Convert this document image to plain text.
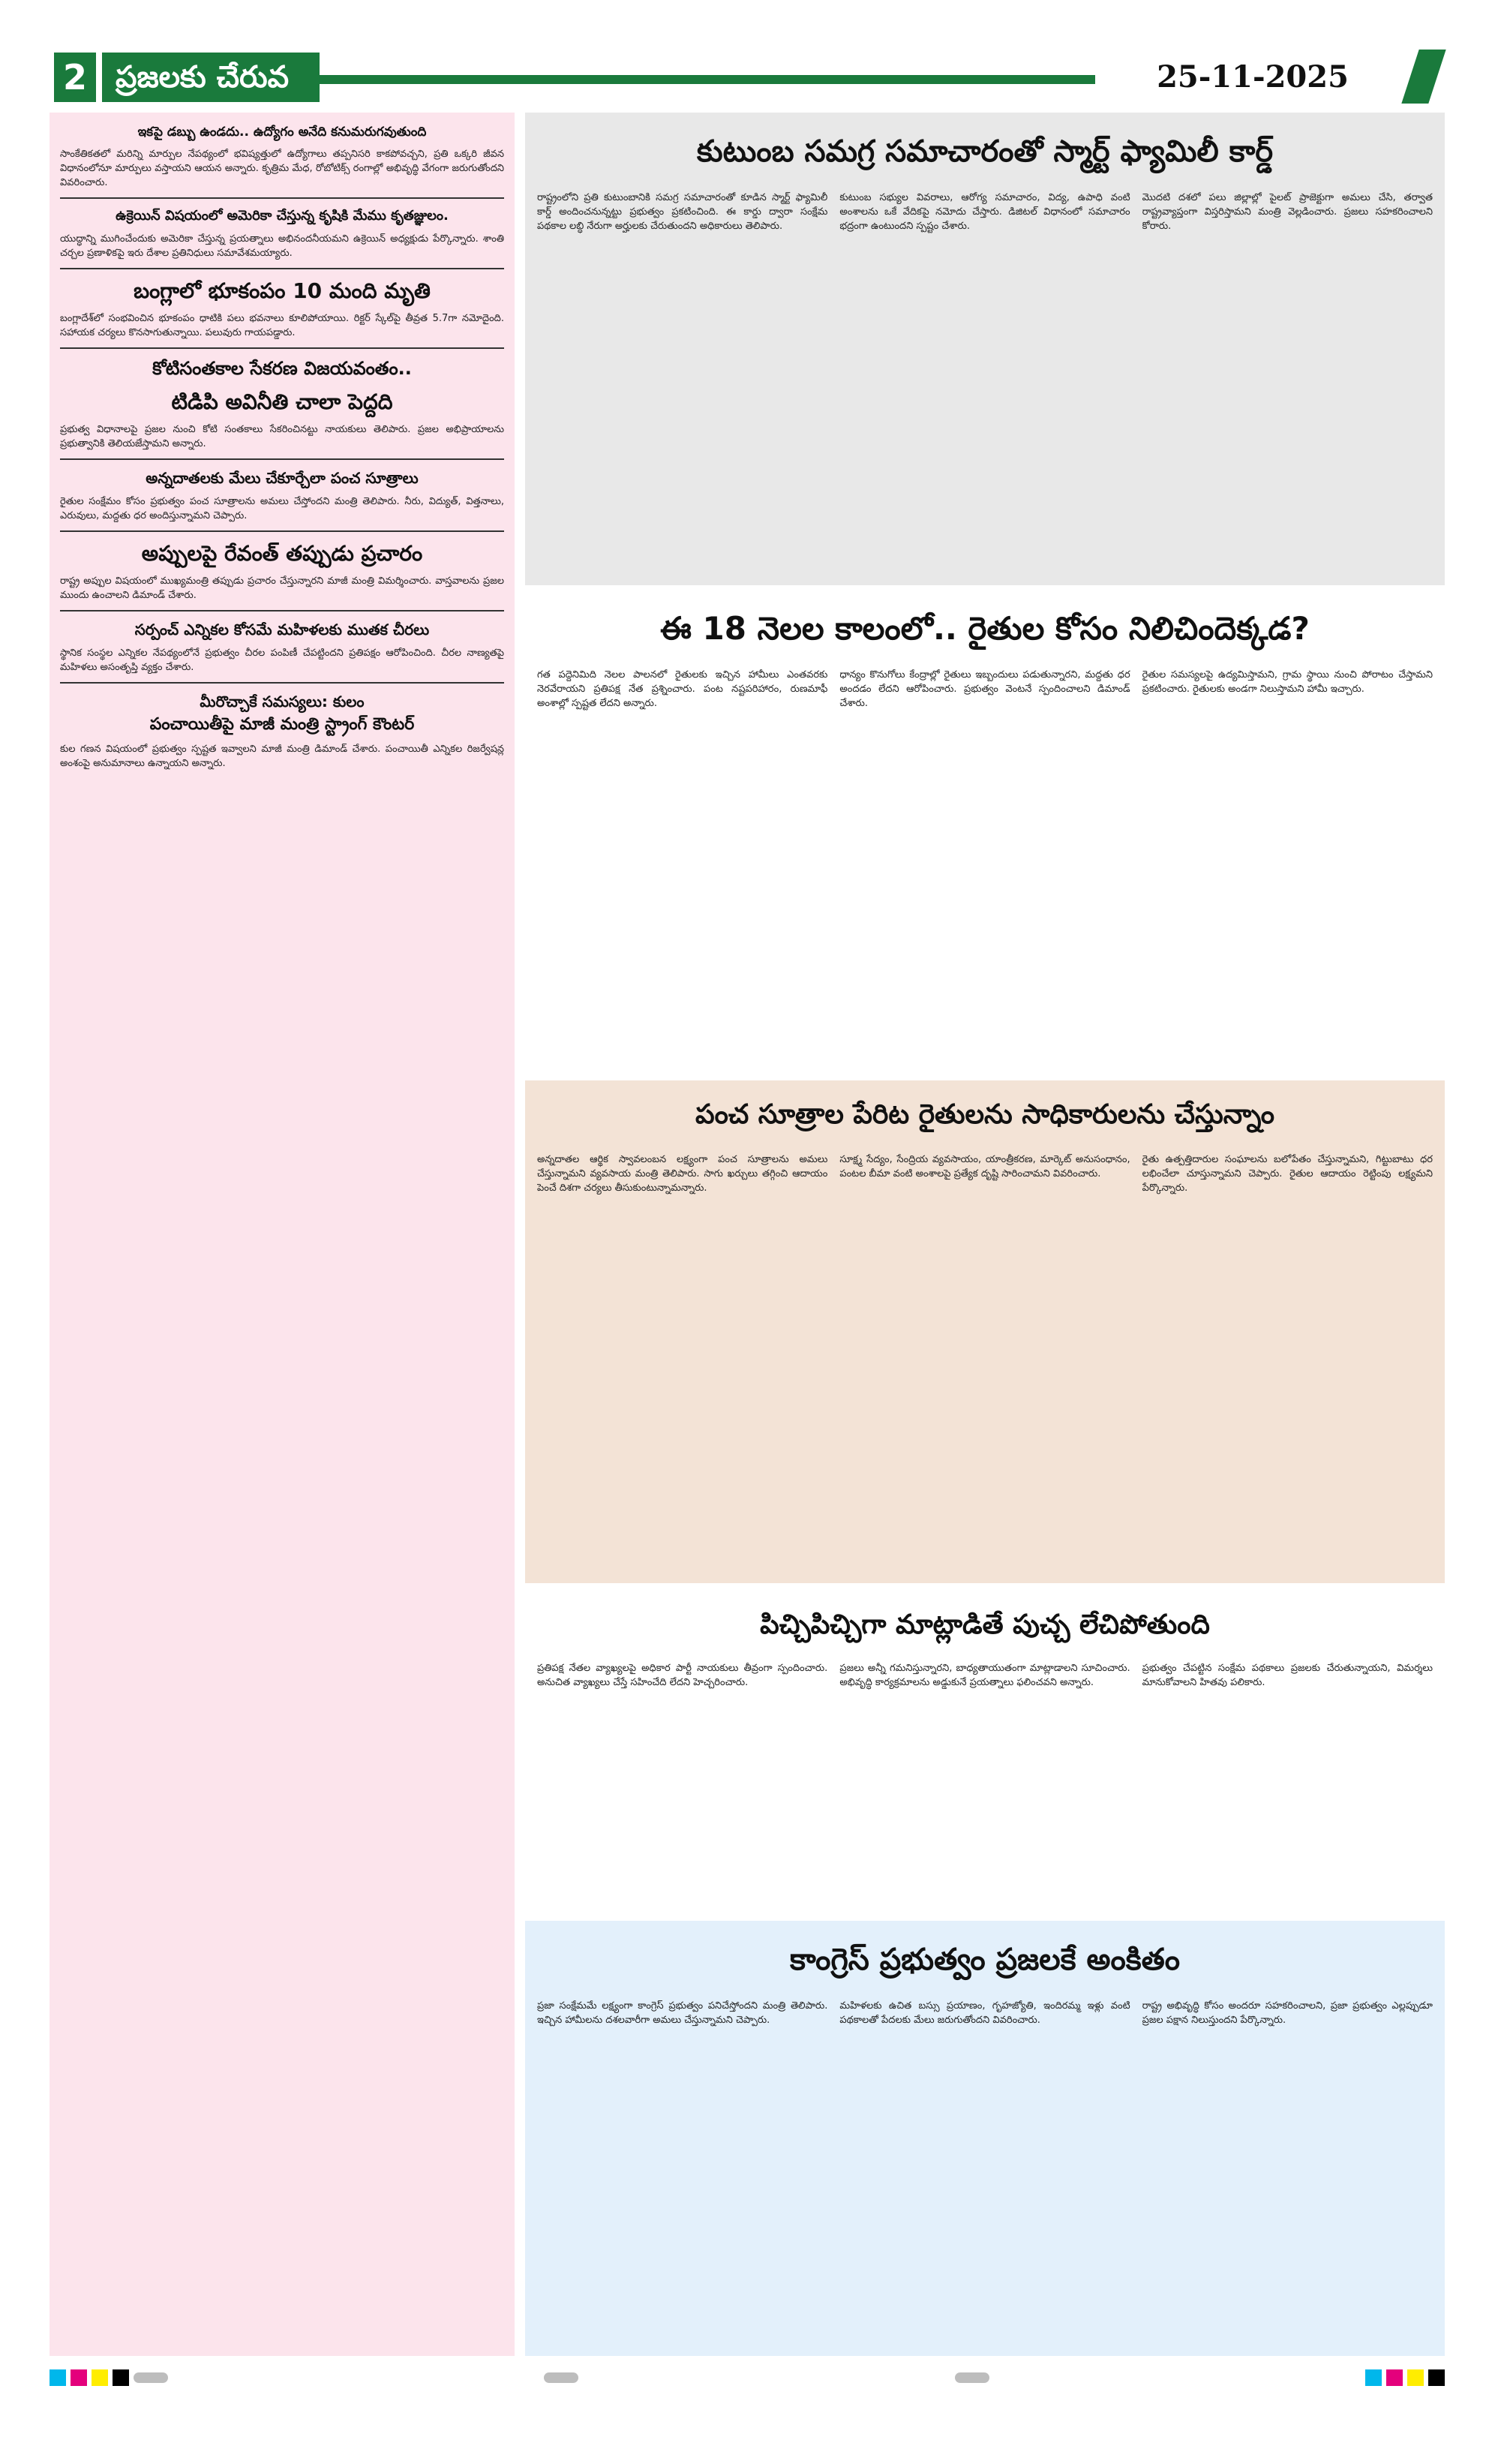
2 ప్రజలకు చేరువ	25-11-2025
ఇకపై డబ్బు ఉండదు.. ఉద్యోగం అనేది కనుమరుగవుతుంది
సాంకేతికతలో మరిన్ని మార్పుల నేపథ్యంలో భవిష్యత్తులో ఉద్యోగాలు తప్పనిసరి కాకపోవచ్చని, ప్రతి ఒక్కరి జీవన విధానంలోనూ మార్పులు వస్తాయని ఆయన అన్నారు. కృత్రిమ మేధ, రోబోటిక్స్ రంగాల్లో అభివృద్ధి వేగంగా జరుగుతోందని వివరించారు.
ఉక్రెయిన్ విషయంలో అమెరికా చేస్తున్న కృషికి మేము కృతజ్ఞులం.
యుద్ధాన్ని ముగించేందుకు అమెరికా చేస్తున్న ప్రయత్నాలు అభినందనీయమని ఉక్రెయిన్ అధ్యక్షుడు పేర్కొన్నారు. శాంతి చర్చల ప్రణాళికపై ఇరు దేశాల ప్రతినిధులు సమావేశమయ్యారు.
బంగ్లాలో భూకంపం 10 మంది మృతి
బంగ్లాదేశ్‌లో సంభవించిన భూకంపం ధాటికి పలు భవనాలు కూలిపోయాయి. రిక్టర్ స్కేల్‌పై తీవ్రత 5.7గా నమోదైంది. సహాయక చర్యలు కొనసాగుతున్నాయి. పలువురు గాయపడ్డారు.
కోటిసంతకాల సేకరణ విజయవంతం..
టిడిపి అవినీతి చాలా పెద్దది
ప్రభుత్వ విధానాలపై ప్రజల నుంచి కోటి సంతకాలు సేకరించినట్టు నాయకులు తెలిపారు. ప్రజల అభిప్రాయాలను ప్రభుత్వానికి తెలియజేస్తామని అన్నారు.
అన్నదాతలకు మేలు చేకూర్చేలా పంచ సూత్రాలు
రైతుల సంక్షేమం కోసం ప్రభుత్వం పంచ సూత్రాలను అమలు చేస్తోందని మంత్రి తెలిపారు. నీరు, విద్యుత్, విత్తనాలు, ఎరువులు, మద్దతు ధర అందిస్తున్నామని చెప్పారు.
అప్పులపై రేవంత్ తప్పుడు ప్రచారం
రాష్ట్ర అప్పుల విషయంలో ముఖ్యమంత్రి తప్పుడు ప్రచారం చేస్తున్నారని మాజీ మంత్రి విమర్శించారు. వాస్తవాలను ప్రజల ముందు ఉంచాలని డిమాండ్ చేశారు.
సర్పంచ్ ఎన్నికల కోసమే మహిళలకు ముతక చీరలు
స్థానిక సంస్థల ఎన్నికల నేపథ్యంలోనే ప్రభుత్వం చీరల పంపిణీ చేపట్టిందని ప్రతిపక్షం ఆరోపించింది. చీరల నాణ్యతపై మహిళలు అసంతృప్తి వ్యక్తం చేశారు.
మీరొచ్చాకే సమస్యలు: కులం
పంచాయితీపై మాజీ మంత్రి స్ట్రాంగ్ కౌంటర్
కుల గణన విషయంలో ప్రభుత్వం స్పష్టత ఇవ్వాలని మాజీ మంత్రి డిమాండ్ చేశారు. పంచాయితీ ఎన్నికల రిజర్వేషన్ల అంశంపై అనుమానాలు ఉన్నాయని అన్నారు.
కుటుంబ సమగ్ర సమాచారంతో స్మార్ట్ ఫ్యామిలీ కార్డ్
రాష్ట్రంలోని ప్రతి కుటుంబానికి సమగ్ర సమాచారంతో కూడిన స్మార్ట్ ఫ్యామిలీ కార్డ్ అందించనున్నట్టు ప్రభుత్వం ప్రకటించింది. ఈ కార్డు ద్వారా సంక్షేమ పథకాల లబ్ధి నేరుగా అర్హులకు చేరుతుందని అధికారులు తెలిపారు.
కుటుంబ సభ్యుల వివరాలు, ఆరోగ్య సమాచారం, విద్య, ఉపాధి వంటి అంశాలను ఒకే వేదికపై నమోదు చేస్తారు. డిజిటల్ విధానంలో సమాచారం భద్రంగా ఉంటుందని స్పష్టం చేశారు.
మొదటి దశలో పలు జిల్లాల్లో పైలట్ ప్రాజెక్టుగా అమలు చేసి, తర్వాత రాష్ట్రవ్యాప్తంగా విస్తరిస్తామని మంత్రి వెల్లడించారు. ప్రజలు సహకరించాలని కోరారు.
ఈ 18 నెలల కాలంలో.. రైతుల కోసం నిలిచిందెక్కడ?
గత పద్దెనిమిది నెలల పాలనలో రైతులకు ఇచ్చిన హామీలు ఎంతవరకు నెరవేరాయని ప్రతిపక్ష నేత ప్రశ్నించారు. పంట నష్టపరిహారం, రుణమాఫీ అంశాల్లో స్పష్టత లేదని అన్నారు.
ధాన్యం కొనుగోలు కేంద్రాల్లో రైతులు ఇబ్బందులు పడుతున్నారని, మద్దతు ధర అందడం లేదని ఆరోపించారు. ప్రభుత్వం వెంటనే స్పందించాలని డిమాండ్ చేశారు.
రైతుల సమస్యలపై ఉద్యమిస్తామని, గ్రామ స్థాయి నుంచి పోరాటం చేస్తామని ప్రకటించారు. రైతులకు అండగా నిలుస్తామని హామీ ఇచ్చారు.
పంచ సూత్రాల పేరిట రైతులను సాధికారులను చేస్తున్నాం
అన్నదాతల ఆర్థిక స్వావలంబన లక్ష్యంగా పంచ సూత్రాలను అమలు చేస్తున్నామని వ్యవసాయ మంత్రి తెలిపారు. సాగు ఖర్చులు తగ్గించి ఆదాయం పెంచే దిశగా చర్యలు తీసుకుంటున్నామన్నారు.
సూక్ష్మ సేద్యం, సేంద్రియ వ్యవసాయం, యాంత్రీకరణ, మార్కెట్ అనుసంధానం, పంటల బీమా వంటి అంశాలపై ప్రత్యేక దృష్టి సారించామని వివరించారు.
రైతు ఉత్పత్తిదారుల సంఘాలను బలోపేతం చేస్తున్నామని, గిట్టుబాటు ధర లభించేలా చూస్తున్నామని చెప్పారు. రైతుల ఆదాయం రెట్టింపు లక్ష్యమని పేర్కొన్నారు.
పిచ్చిపిచ్చిగా మాట్లాడితే పుచ్చ లేచిపోతుంది
ప్రతిపక్ష నేతల వ్యాఖ్యలపై అధికార పార్టీ నాయకులు తీవ్రంగా స్పందించారు. అనుచిత వ్యాఖ్యలు చేస్తే సహించేది లేదని హెచ్చరించారు.
ప్రజలు అన్నీ గమనిస్తున్నారని, బాధ్యతాయుతంగా మాట్లాడాలని సూచించారు. అభివృద్ధి కార్యక్రమాలను అడ్డుకునే ప్రయత్నాలు ఫలించవని అన్నారు.
ప్రభుత్వం చేపట్టిన సంక్షేమ పథకాలు ప్రజలకు చేరుతున్నాయని, విమర్శలు మానుకోవాలని హితవు పలికారు.
కాంగ్రెస్ ప్రభుత్వం ప్రజలకే అంకితం
ప్రజా సంక్షేమమే లక్ష్యంగా కాంగ్రెస్ ప్రభుత్వం పనిచేస్తోందని మంత్రి తెలిపారు. ఇచ్చిన హామీలను దశలవారీగా అమలు చేస్తున్నామని చెప్పారు.
మహిళలకు ఉచిత బస్సు ప్రయాణం, గృహజ్యోతి, ఇందిరమ్మ ఇళ్లు వంటి పథకాలతో పేదలకు మేలు జరుగుతోందని వివరించారు.
రాష్ట్ర అభివృద్ధి కోసం అందరూ సహకరించాలని, ప్రజా ప్రభుత్వం ఎల్లప్పుడూ ప్రజల పక్షాన నిలుస్తుందని పేర్కొన్నారు.
